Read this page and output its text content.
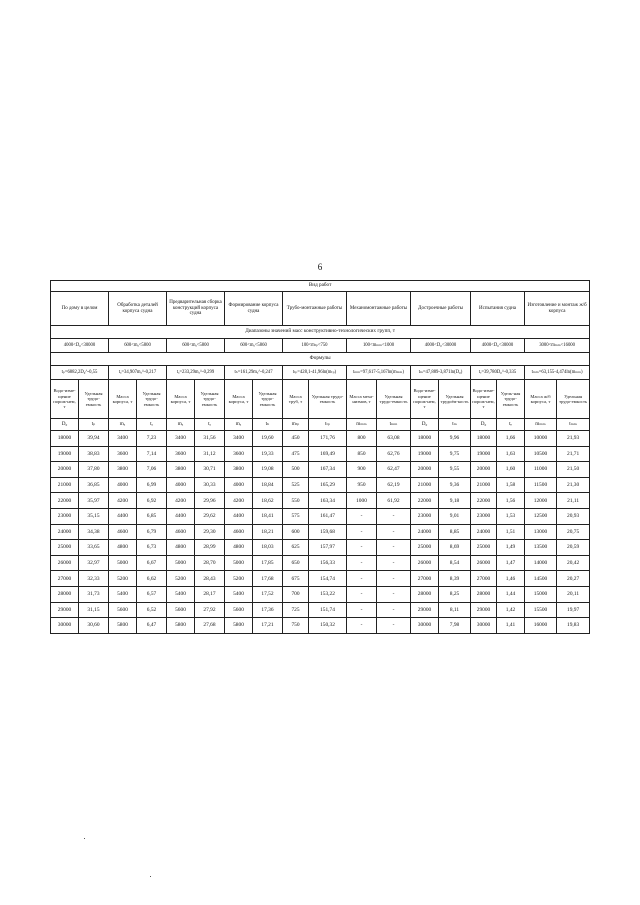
6
Вид работ																	
По дому в целом		Обработка деталей корпуса судна		Предварительная сборка конструкций корпуса судна		Формирование корпуса судна		Трубо-монтажные работы		Механомонтажные работы		Достроечные работы		Испытания судна		Изготовление и монтаж ж/б корпуса	
Диапазоны значений масс конструктивно-технологических групп, т																	
4000<D₀<30000		600<mₐ<5800		600<mₐ<5800		600<mₐ<5860		100<mₜₚ<750		100<mₘₘ<1000		4000<D₀<30000		4000<D₀<30000		3000<mₘₘ<16000	
Формулы																	
tₚ=6882,2D₀^-0,55		tₐ=34,907mₐ^-0,217		tₐ=233,29mₐ^-0,299		tₕ=161,29mₐ^-0,247		tₜₚ=428,1-41,96ln(mₜₚ)		tₘₘ=97,617-5,167ln(mₘₘ)		tₘ=47,889-3,871ln(D₀)		tₑ=39,780D₀^-0,335		tₘₘ=63,155-4,474ln(mₘₘ)	
Водо-изме-щение порож-нем, т	Удельная трудо-емкость	Масса корпуса, т	Удельная трудо-емкость	Масса корпуса, т	Удельная трудо-емкость	Масса корпуса, т	Удельная трудо-емкость	Масса труб, т	Удельная трудо-емкость	Масса меха-низмов, т	Удельная трудо-емкость	Водо-изме-щение порож-нем, т	Удельная трудоём-кость	Водо-изме-щение порож-нем, т	Удель-ная трудо-емкость	Масса ж/б корпуса, т	Удельная трудо-емкость
D₀	tₚ	mₐ	tₐ	mₐ	tₐ	mₐ	tₕ	mₜₚ	tₜₚ	mₘₘ	tₘₘ	D₀	tₘ	D₀	tₑ	mₘₘ	tₘₘ
18000	39,94	3400	7,23	3400	31,56	3400	19,60	450	171,76	800	63,08	18000	9,96	18000	1,66	10000	21,93
19000	38,83	3600	7,14	3600	31,12	3600	19,33	475	169,49	850	62,76	19000	9,75	19000	1,63	10500	21,71
20000	37,80	3800	7,06	3800	30,71	3800	19,08	500	167,34	900	62,47	20000	9,55	20000	1,60	11000	21,50
21000	36,85	4000	6,99	4000	30,33	4000	18,84	525	165,29	950	62,19	21000	9,36	21000	1,58	11500	21,30
22000	35,97	4200	6,92	4200	29,96	4200	18,62	550	163,34	1000	61,92	22000	9,18	22000	1,56	12000	21,11
23000	35,15	4400	6,85	4400	29,62	4400	18,41	575	161,47	-	-	23000	9,01	23000	1,53	12500	20,93
24000	34,38	4600	6,79	4600	29,30	4600	18,21	600	159,68	-	-	24000	8,85	24000	1,51	13000	20,75
25000	33,65	4800	6,73	4800	28,99	4800	18,03	625	157,97	-	-	25000	8,69	25000	1,49	13500	20,59
26000	32,97	5000	6,67	5000	28,70	5000	17,85	650	156,33	-	-	26000	8,54	26000	1,47	14000	20,42
27000	32,33	5200	6,62	5200	28,43	5200	17,68	675	154,74	-	-	27000	8,39	27000	1,46	14500	20,27
28000	31,73	5400	6,57	5400	28,17	5400	17,52	700	153,22	-	-	28000	8,25	28000	1,44	15000	20,11
29000	31,15	5600	6,52	5600	27,92	5600	17,36	725	151,74	-	-	29000	8,11	29000	1,42	15500	19,97
30000	30,60	5800	6,47	5800	27,68	5800	17,21	750	150,32	-	-	30000	7,98	30000	1,41	16000	19,83
